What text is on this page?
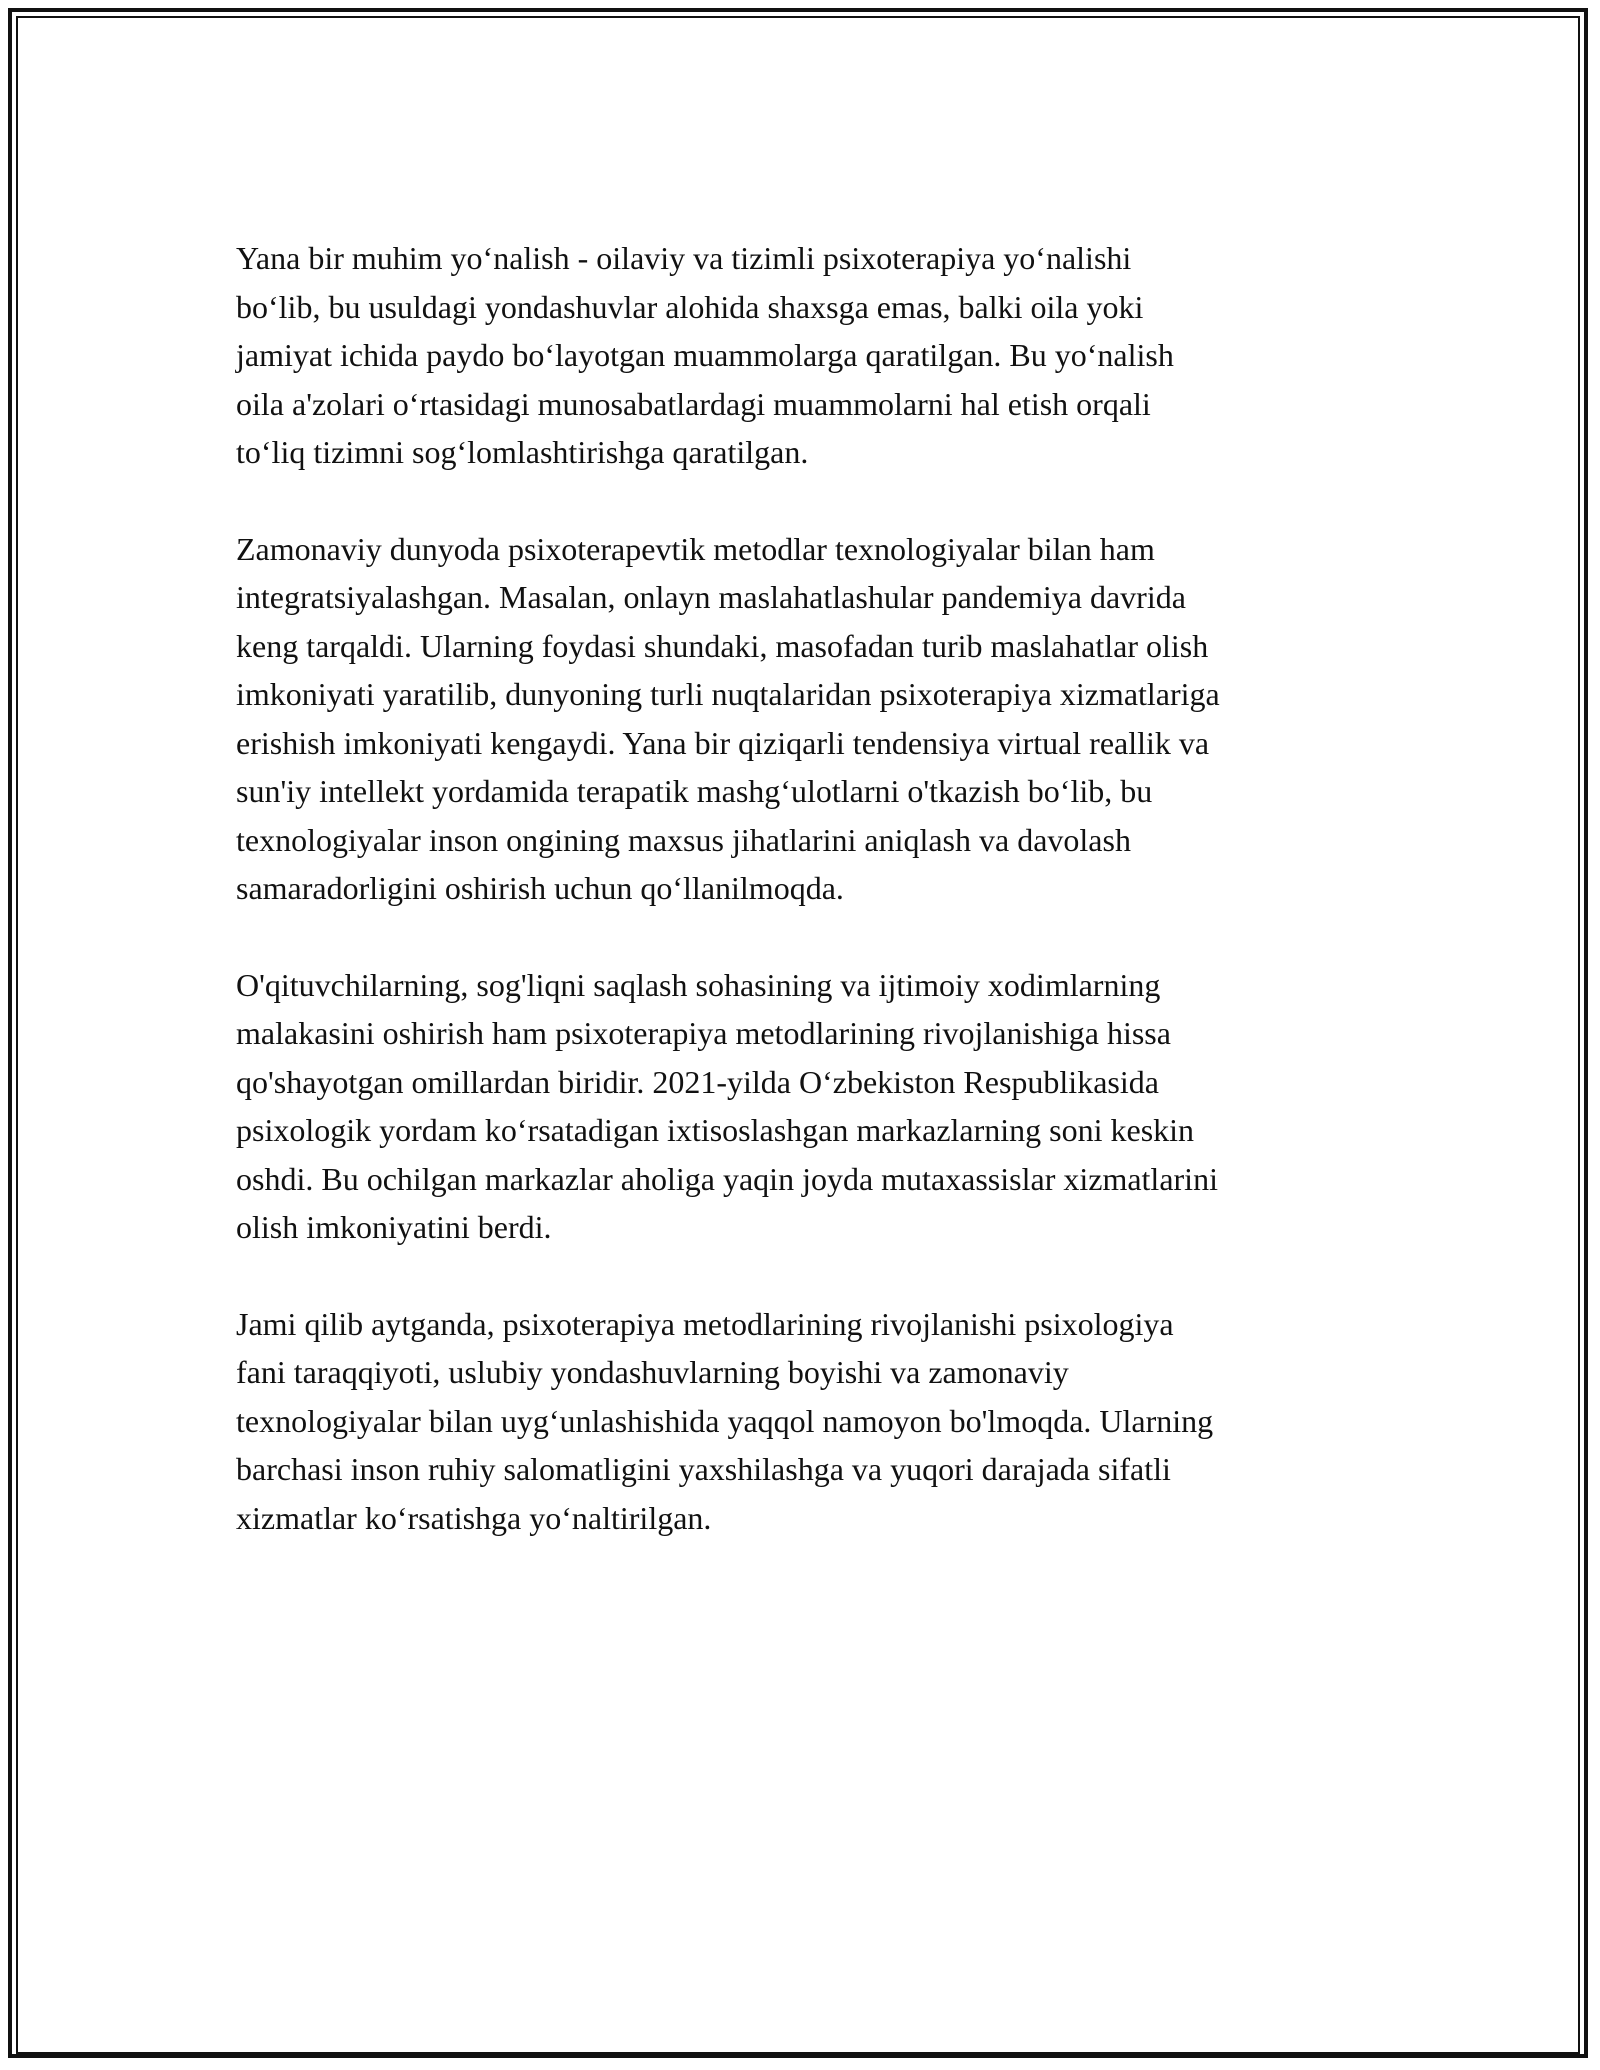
Yana bir muhim yo‘nalish - oilaviy va tizimli psixoterapiya yo‘nalishi
bo‘lib, bu usuldagi yondashuvlar alohida shaxsga emas, balki oila yoki
jamiyat ichida paydo bo‘layotgan muammolarga qaratilgan. Bu yo‘nalish
oila a'zolari o‘rtasidagi munosabatlardagi muammolarni hal etish orqali
to‘liq tizimni sog‘lomlashtirishga qaratilgan.

Zamonaviy dunyoda psixoterapevtik metodlar texnologiyalar bilan ham
integratsiyalashgan. Masalan, onlayn maslahatlashular pandemiya davrida
keng tarqaldi. Ularning foydasi shundaki, masofadan turib maslahatlar olish
imkoniyati yaratilib, dunyoning turli nuqtalaridan psixoterapiya xizmatlariga
erishish imkoniyati kengaydi. Yana bir qiziqarli tendensiya virtual reallik va
sun'iy intellekt yordamida terapatik mashg‘ulotlarni o'tkazish bo‘lib, bu
texnologiyalar inson ongining maxsus jihatlarini aniqlash va davolash
samaradorligini oshirish uchun qo‘llanilmoqda.

O'qituvchilarning, sog'liqni saqlash sohasining va ijtimoiy xodimlarning
malakasini oshirish ham psixoterapiya metodlarining rivojlanishiga hissa
qo'shayotgan omillardan biridir. 2021-yilda O‘zbekiston Respublikasida
psixologik yordam ko‘rsatadigan ixtisoslashgan markazlarning soni keskin
oshdi. Bu ochilgan markazlar aholiga yaqin joyda mutaxassislar xizmatlarini
olish imkoniyatini berdi.

Jami qilib aytganda, psixoterapiya metodlarining rivojlanishi psixologiya
fani taraqqiyoti, uslubiy yondashuvlarning boyishi va zamonaviy
texnologiyalar bilan uyg‘unlashishida yaqqol namoyon bo'lmoqda. Ularning
barchasi inson ruhiy salomatligini yaxshilashga va yuqori darajada sifatli
xizmatlar ko‘rsatishga yo‘naltirilgan.
